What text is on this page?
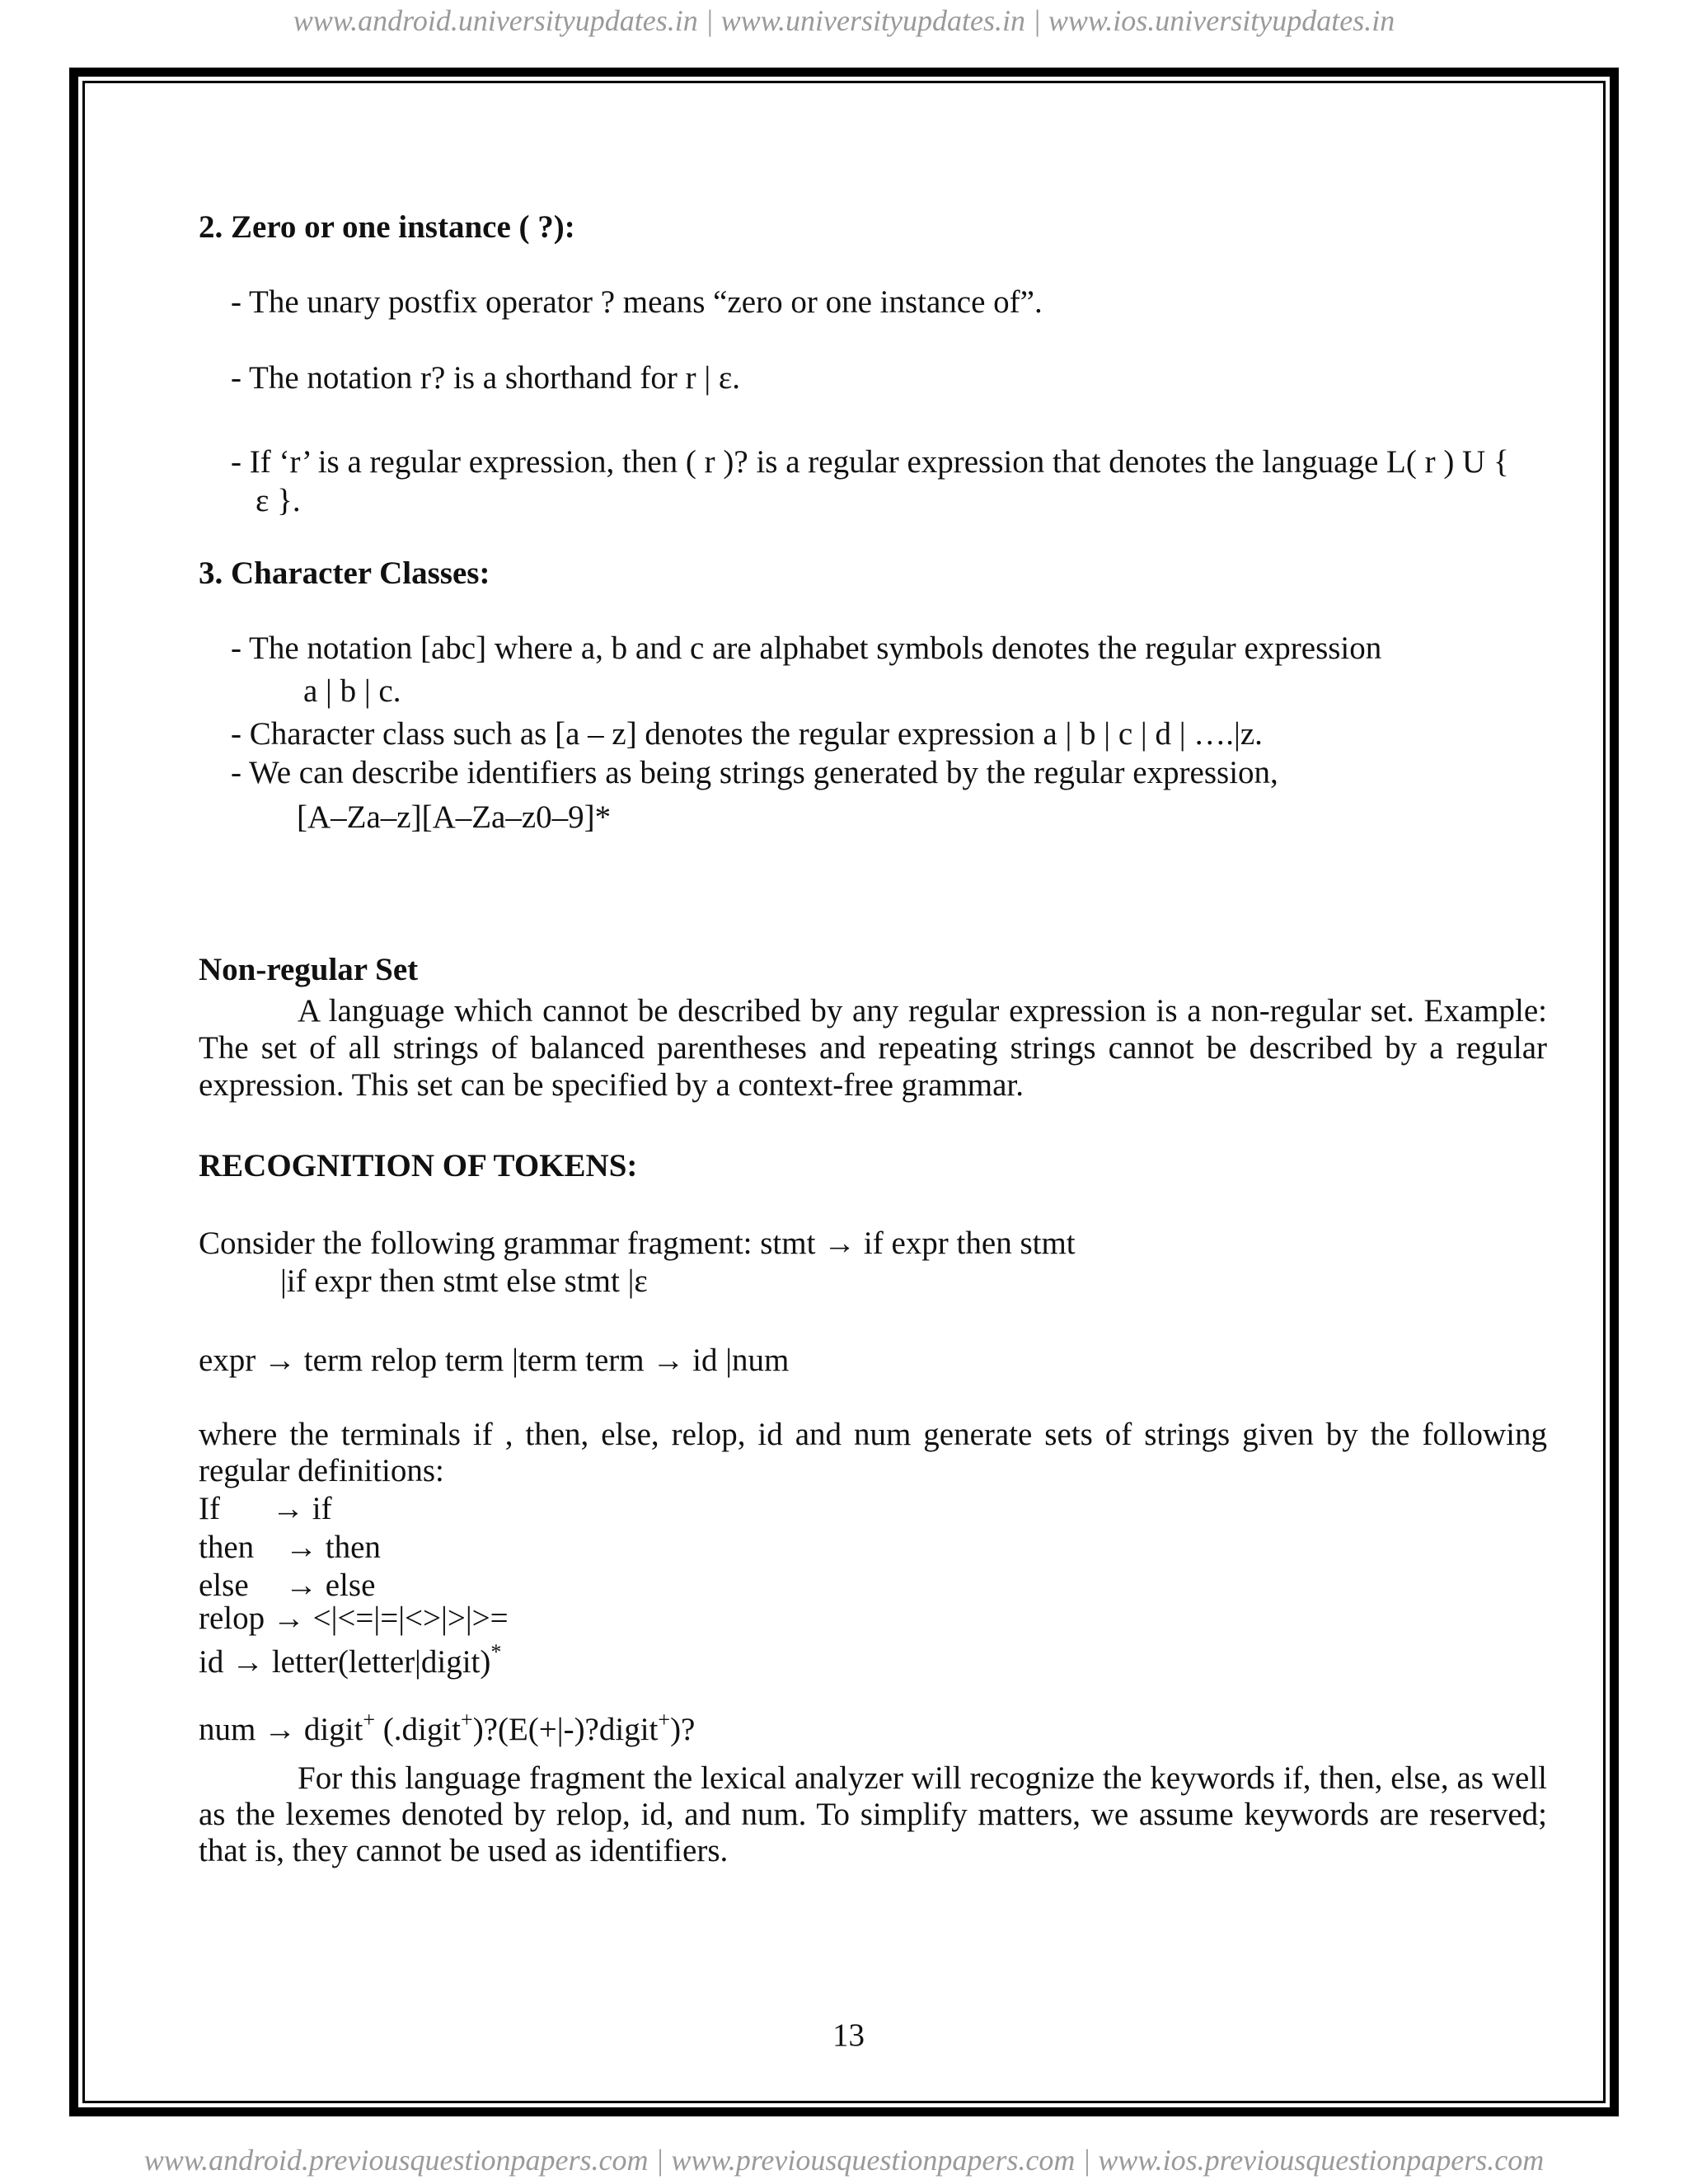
www.android.universityupdates.in | www.universityupdates.in | www.ios.universityupdates.in
2. Zero or one instance ( ?):
- The unary postfix operator ? means “zero or one instance of”.
- The notation r? is a shorthand for r | ε.
- If ‘r’ is a regular expression, then ( r )? is a regular expression that denotes the language L( r ) U {
ε }.
3. Character Classes:
- The notation [abc] where a, b and c are alphabet symbols denotes the regular expression
a | b | c.
- Character class such as [a – z] denotes the regular expression a | b | c | d | ….|z.
- We can describe identifiers as being strings generated by the regular expression,
[A–Za–z][A–Za–z0–9]*
Non-regular Set

A language which cannot be described by any regular expression is a non-regular set. Example: The set of all strings of balanced parentheses and repeating strings cannot be described by a regular expression. This set can be specified by a context-free grammar.

RECOGNITION OF TOKENS:
Consider the following grammar fragment: stmt → if expr then stmt
|if expr then stmt else stmt |ε
expr → term relop term |term term → id |num

where the terminals if , then, else, relop, id and num generate sets of strings given by the following regular definitions:

If → if
then → then
else → else
relop → <|<=|=|<>|>|>=
id → letter(letter|digit)*
num → digit+ (.digit+)?(E(+|-)?digit+)?

For this language fragment the lexical analyzer will recognize the keywords if, then, else, as well as the lexemes denoted by relop, id, and num. To simplify matters, we assume keywords are reserved; that is, they cannot be used as identifiers.

13
www.android.previousquestionpapers.com | www.previousquestionpapers.com | www.ios.previousquestionpapers.com
